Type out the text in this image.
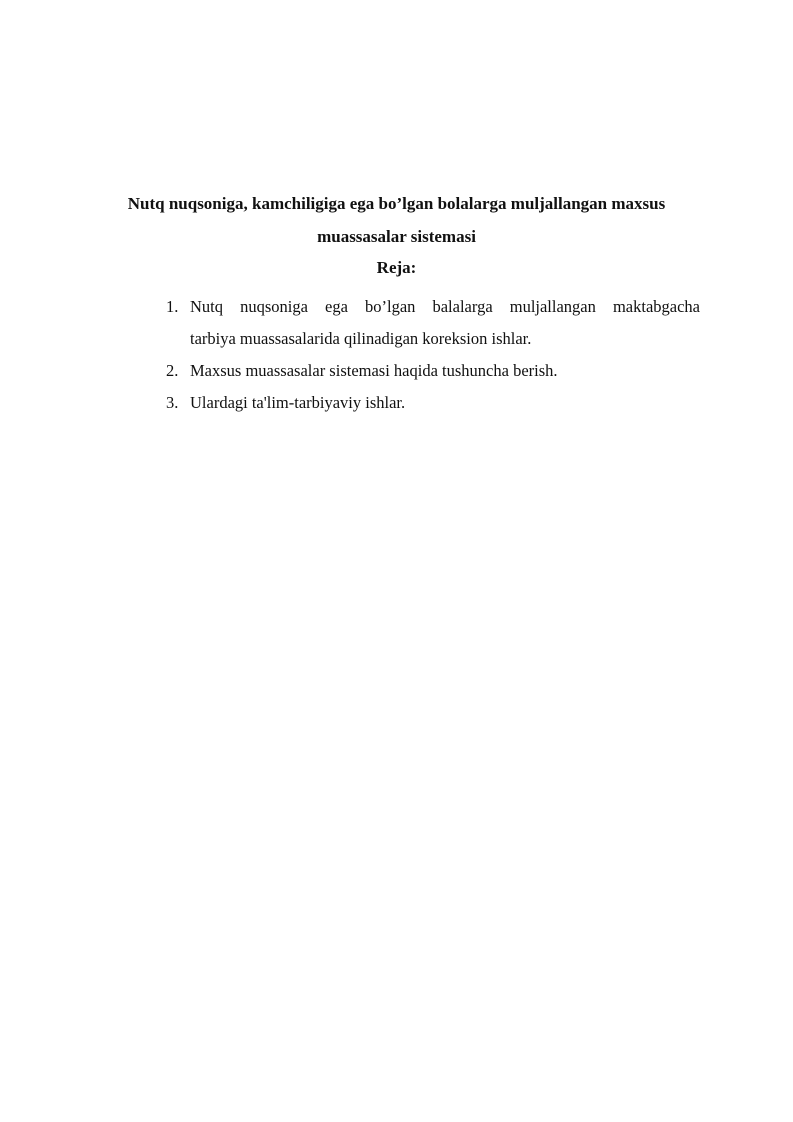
Nutq nuqsoniga, kamchiligiga ega bo’lgan bolalarga muljallangan maxsus
muassasalar sistemasi
Reja:
1. Nutq nuqsoniga ega bo’lgan balalarga muljallangan maktabgacha
tarbiya muassasalarida qilinadigan koreksion ishlar.
2. Maxsus muassasalar sistemasi haqida tushuncha berish.
3. Ulardagi ta'lim-tarbiyaviy ishlar.
